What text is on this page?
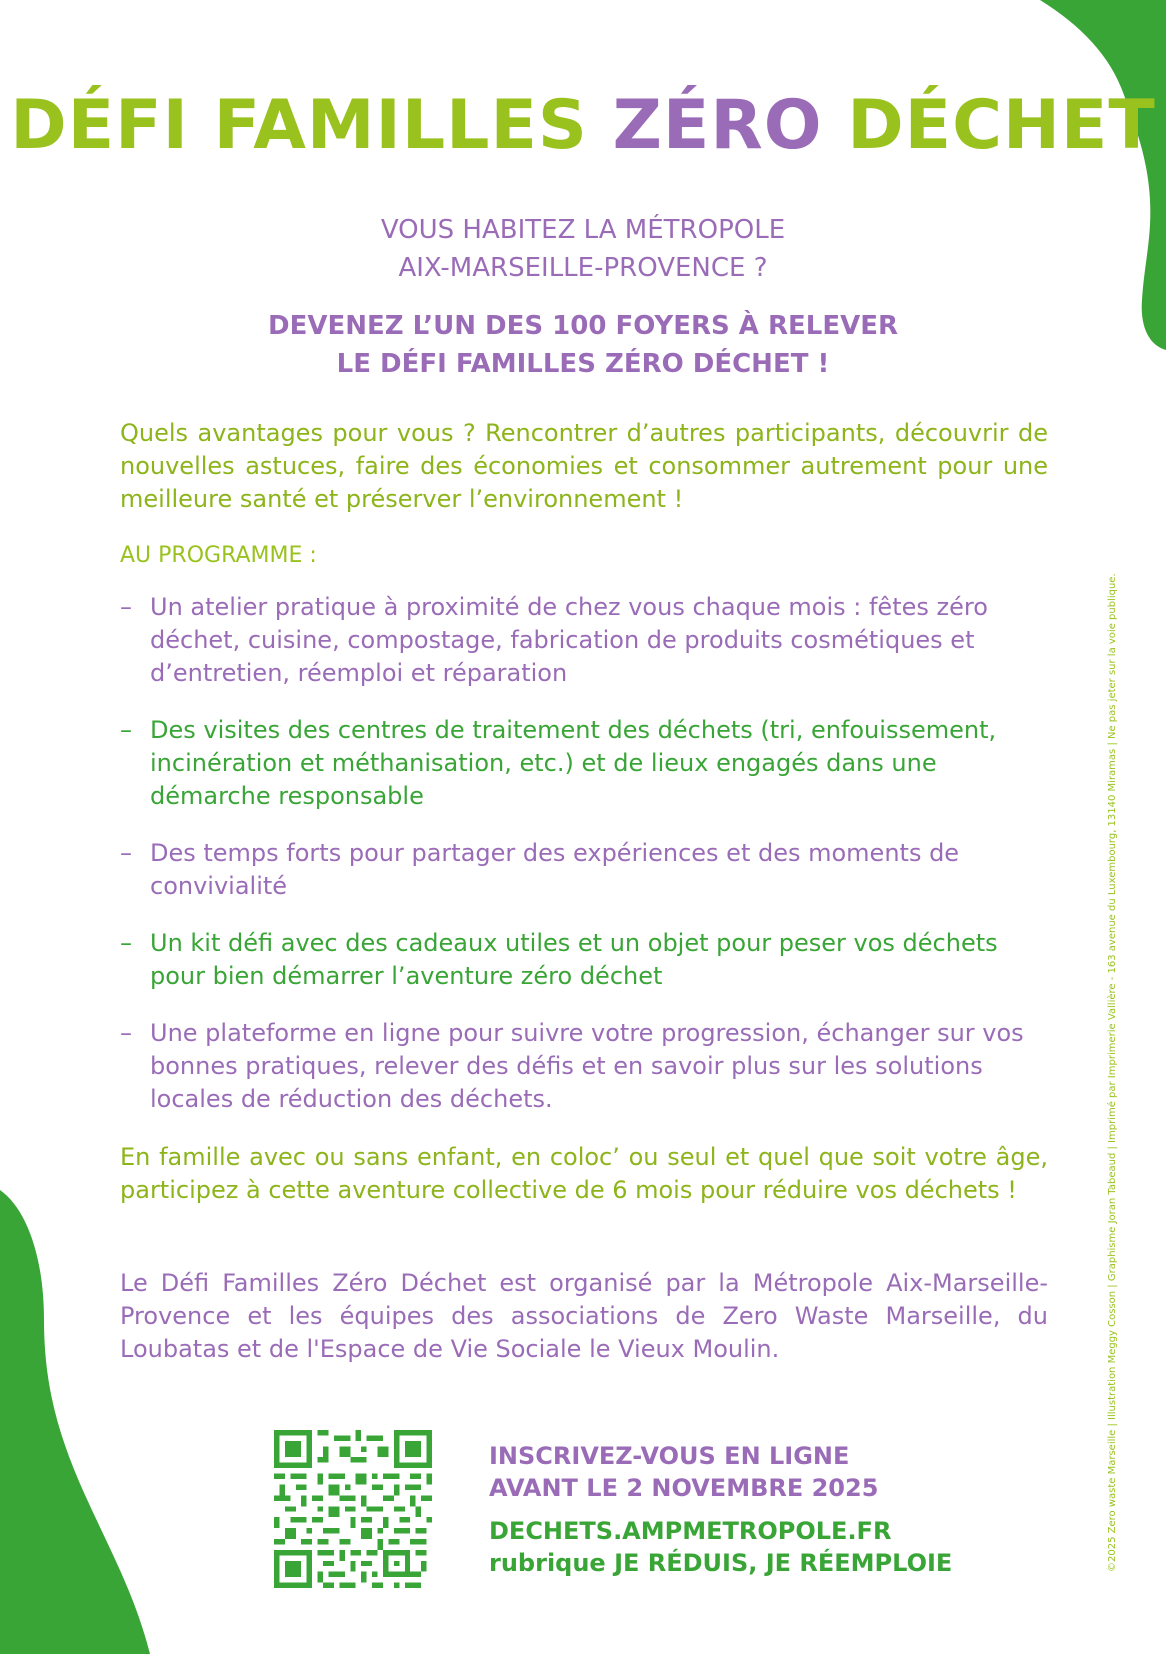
DÉFI FAMILLES ZÉRO DÉCHET
VOUS HABITEZ LA MÉTROPOLE
AIX-MARSEILLE-PROVENCE ?
DEVENEZ L’UN DES 100 FOYERS À RELEVER
LE DÉFI FAMILLES ZÉRO DÉCHET !
Quels avantages pour vous ? Rencontrer d’autres participants, découvrir de nouvelles astuces, faire des économies et consommer autrement pour une meilleure santé et préserver l’environnement !
AU PROGRAMME :
– Un atelier pratique à proximité de chez vous chaque mois : fêtes zéro déchet, cuisine, compostage, fabrication de produits cosmétiques et d’entretien, réemploi et réparation
– Des visites des centres de traitement des déchets (tri, enfouissement, incinération et méthanisation, etc.) et de lieux engagés dans une démarche responsable
– Des temps forts pour partager des expériences et des moments de convivialité
– Un kit défi avec des cadeaux utiles et un objet pour peser vos déchets pour bien démarrer l’aventure zéro déchet
– Une plateforme en ligne pour suivre votre progression, échanger sur vos bonnes pratiques, relever des défis et en savoir plus sur les solutions locales de réduction des déchets.
En famille avec ou sans enfant, en coloc’ ou seul et quel que soit votre âge, participez à cette aventure collective de 6 mois pour réduire vos déchets !
Le Défi Familles Zéro Déchet est organisé par la Métropole Aix-Marseille-Provence et les équipes des associations de Zero Waste Marseille, du Loubatas et de l'Espace de Vie Sociale le Vieux Moulin.
INSCRIVEZ-VOUS EN LIGNE
AVANT LE 2 NOVEMBRE 2025
DECHETS.AMPMETROPOLE.FR
rubrique JE RÉDUIS, JE RÉEMPLOIE	©2025 Zero waste Marseille | Illustration Meggy Cosson | Graphisme Joran Tabeaud | Imprimé par Imprimerie Vallière - 163 avenue du Luxembourg, 13140 Miramas | Ne pas jeter sur la voie publique.
